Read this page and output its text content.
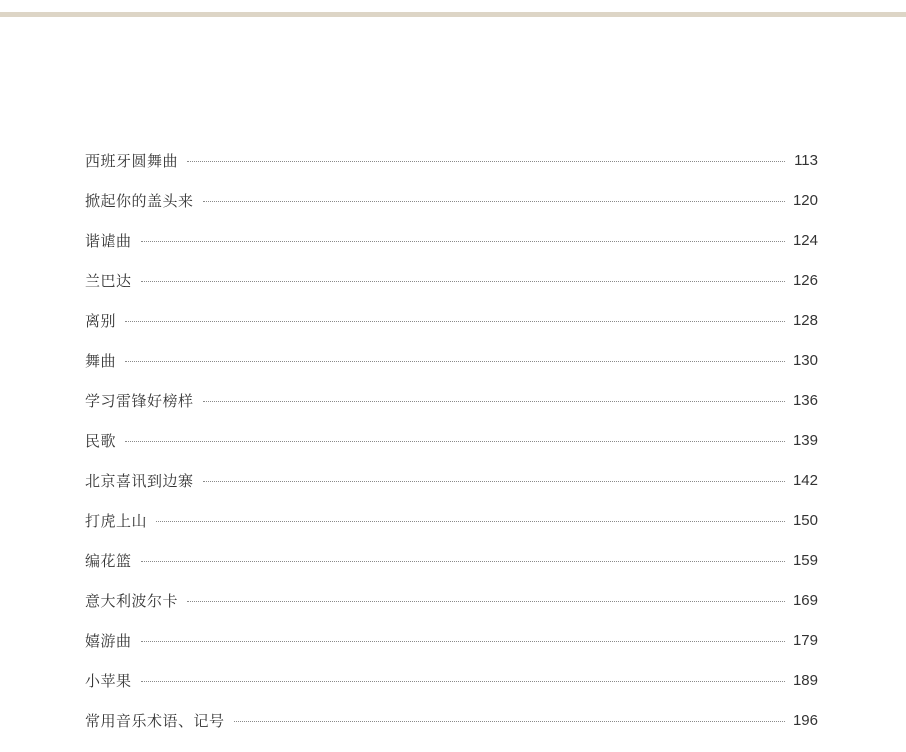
西班牙圆舞曲	113
掀起你的盖头来	120
谐谑曲	124
兰巴达	126
离别	128
舞曲	130
学习雷锋好榜样	136
民歌	139
北京喜讯到边寨	142
打虎上山	150
编花篮	159
意大利波尔卡	169
嬉游曲	179
小苹果	189
常用音乐术语、记号	196
